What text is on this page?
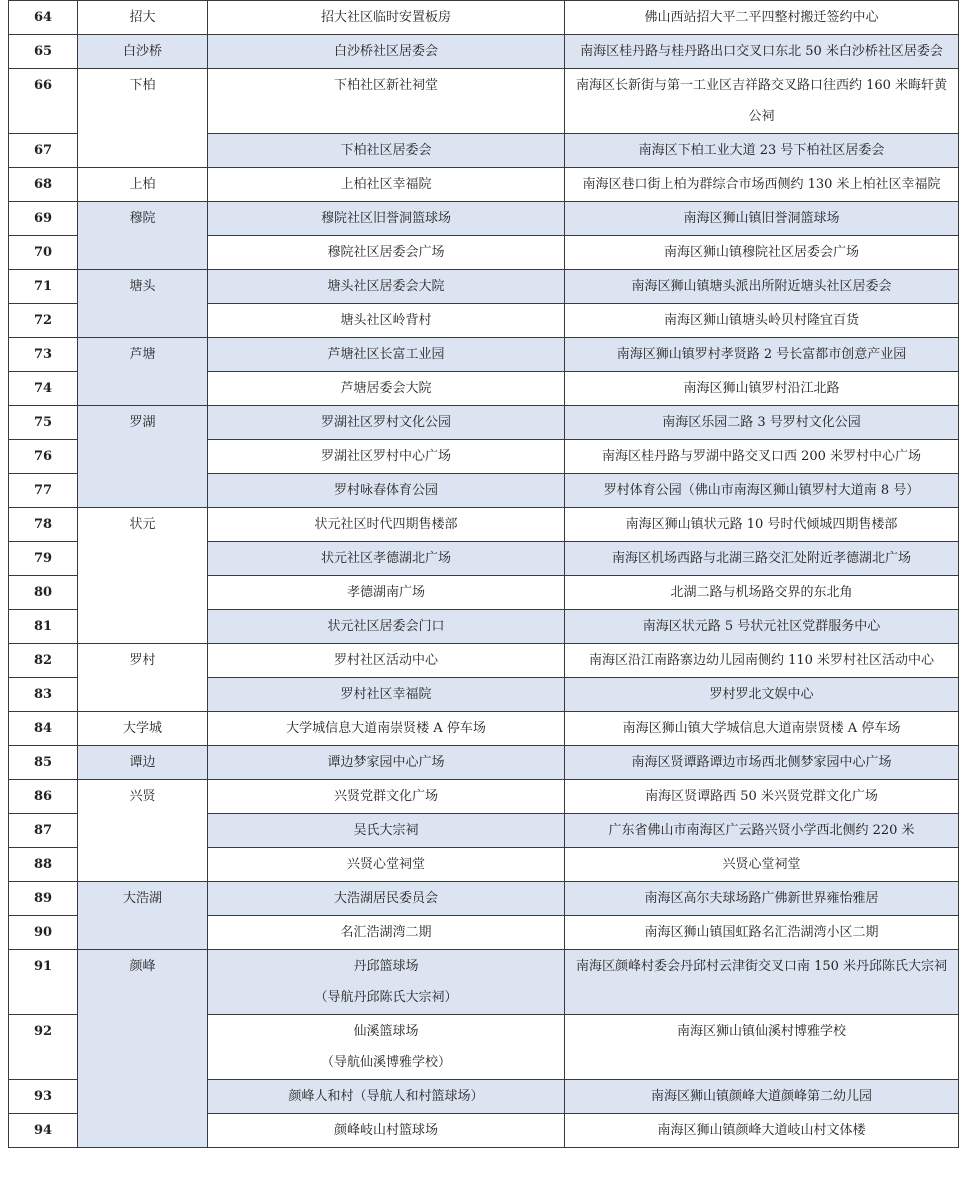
64	招大	招大社区临时安置板房	佛山西站招大平二平四整村搬迁签约中心

65	白沙桥	白沙桥社区居委会	南海区桂丹路与桂丹路出口交叉口东北 50 米白沙桥社区居委会

66	下柏	下柏社区新社祠堂	南海区长新街与第一工业区吉祥路交叉路口往西约 160 米晦轩黄
公祠

67		下柏社区居委会	南海区下柏工业大道 23 号下柏社区居委会

68	上柏	上柏社区幸福院	南海区巷口街上柏为群综合市场西侧约 130 米上柏社区幸福院

69	穆院	穆院社区旧誉洞篮球场	南海区狮山镇旧誉洞篮球场

70		穆院社区居委会广场	南海区狮山镇穆院社区居委会广场

71	塘头	塘头社区居委会大院	南海区狮山镇塘头派出所附近塘头社区居委会

72		塘头社区岭背村	南海区狮山镇塘头岭贝村隆宜百货

73	芦塘	芦塘社区长富工业园	南海区狮山镇罗村孝贤路 2 号长富都市创意产业园

74		芦塘居委会大院	南海区狮山镇罗村沿江北路

75	罗湖	罗湖社区罗村文化公园	南海区乐园二路 3 号罗村文化公园

76		罗湖社区罗村中心广场	南海区桂丹路与罗湖中路交叉口西 200 米罗村中心广场

77		罗村咏春体育公园	罗村体育公园（佛山市南海区狮山镇罗村大道南 8 号）

78	状元	状元社区时代四期售楼部	南海区狮山镇状元路 10 号时代倾城四期售楼部

79		状元社区孝德湖北广场	南海区机场西路与北湖三路交汇处附近孝德湖北广场

80		孝德湖南广场	北湖二路与机场路交界的东北角

81		状元社区居委会门口	南海区状元路 5 号状元社区党群服务中心

82	罗村	罗村社区活动中心	南海区沿江南路寨边幼儿园南侧约 110 米罗村社区活动中心

83		罗村社区幸福院	罗村罗北文娱中心

84	大学城	大学城信息大道南崇贤楼 A 停车场	南海区狮山镇大学城信息大道南崇贤楼 A 停车场

85	谭边	谭边梦家园中心广场	南海区贤谭路谭边市场西北侧梦家园中心广场

86	兴贤	兴贤党群文化广场	南海区贤谭路西 50 米兴贤党群文化广场

87		吴氏大宗祠	广东省佛山市南海区广云路兴贤小学西北侧约 220 米

88		兴贤心堂祠堂	兴贤心堂祠堂

89	大浩湖	大浩湖居民委员会	南海区高尔夫球场路广佛新世界雍怡雅居

90		名汇浩湖湾二期	南海区狮山镇国虹路名汇浩湖湾小区二期

91	颜峰	丹邱篮球场
（导航丹邱陈氏大宗祠）	南海区颜峰村委会丹邱村云津街交叉口南 150 米丹邱陈氏大宗祠

92		仙溪篮球场
（导航仙溪博雅学校）	南海区狮山镇仙溪村博雅学校

93		颜峰人和村（导航人和村篮球场）	南海区狮山镇颜峰大道颜峰第二幼儿园

94		颜峰岐山村篮球场	南海区狮山镇颜峰大道岐山村文体楼
